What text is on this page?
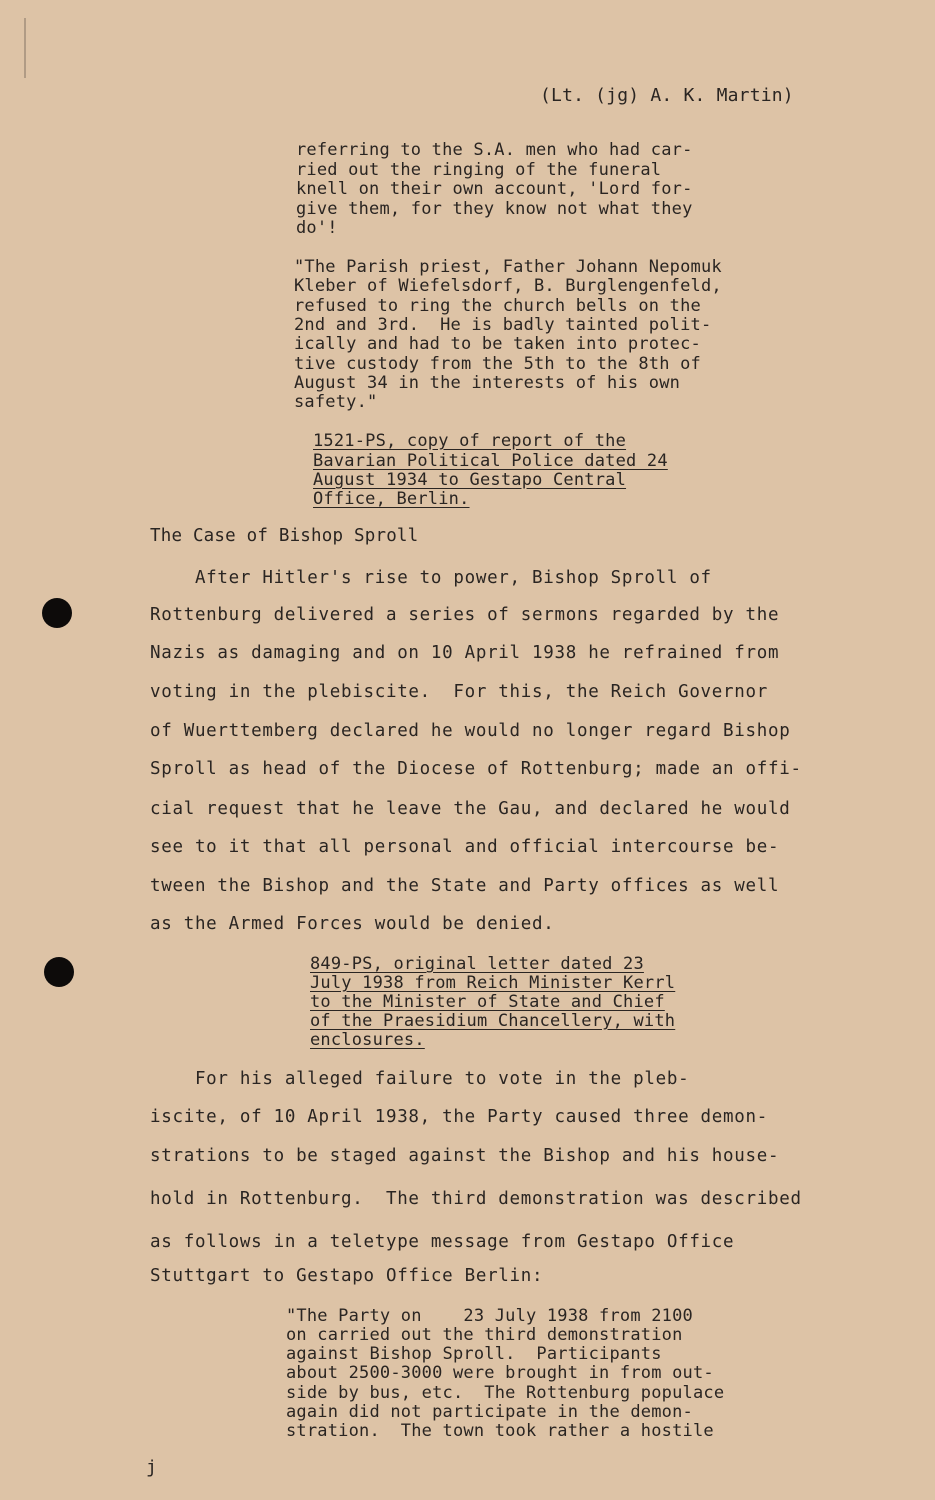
(Lt. (jg) A. K. Martin)
referring to the S.A. men who had car-
ried out the ringing of the funeral
knell on their own account, 'Lord for-
give them, for they know not what they
do'!
"The Parish priest, Father Johann Nepomuk
Kleber of Wiefelsdorf, B. Burglengenfeld,
refused to ring the church bells on the
2nd and 3rd.  He is badly tainted polit-
ically and had to be taken into protec-
tive custody from the 5th to the 8th of
August 34 in the interests of his own
safety."
1521-PS, copy of report of the
Bavarian Political Police dated 24
August 1934 to Gestapo Central
Office, Berlin.
The Case of Bishop Sproll
After Hitler's rise to power, Bishop Sproll of
Rottenburg delivered a series of sermons regarded by the
Nazis as damaging and on 10 April 1938 he refrained from
voting in the plebiscite.  For this, the Reich Governor
of Wuerttemberg declared he would no longer regard Bishop
Sproll as head of the Diocese of Rottenburg; made an offi-
cial request that he leave the Gau, and declared he would
see to it that all personal and official intercourse be-
tween the Bishop and the State and Party offices as well
as the Armed Forces would be denied.
849-PS, original letter dated 23
July 1938 from Reich Minister Kerrl
to the Minister of State and Chief
of the Praesidium Chancellery, with
enclosures.
For his alleged failure to vote in the pleb-
iscite, of 10 April 1938, the Party caused three demon-
strations to be staged against the Bishop and his house-
hold in Rottenburg.  The third demonstration was described
as follows in a teletype message from Gestapo Office
Stuttgart to Gestapo Office Berlin:
"The Party on    23 July 1938 from 2100
on carried out the third demonstration
against Bishop Sproll.  Participants
about 2500-3000 were brought in from out-
side by bus, etc.  The Rottenburg populace
again did not participate in the demon-
stration.  The town took rather a hostile
j
